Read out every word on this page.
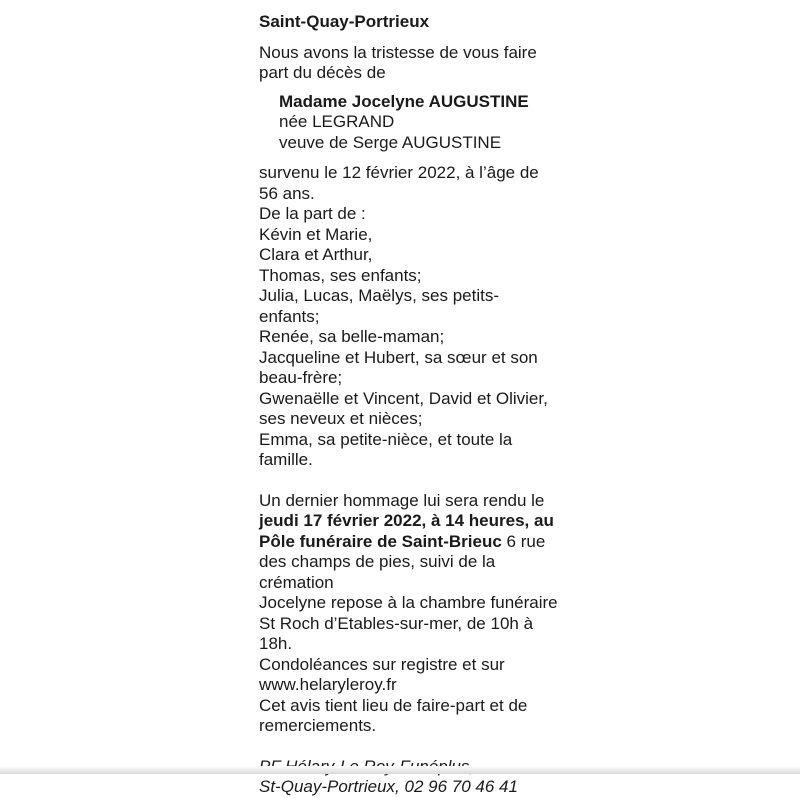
Saint-Quay-Portrieux
Nous avons la tristesse de vous faire
part du décès de
Madame Jocelyne AUGUSTINE
née LEGRAND
veuve de Serge AUGUSTINE
survenu le 12 février 2022, à l’âge de
56 ans.
De la part de :
Kévin et Marie,
Clara et Arthur,
Thomas, ses enfants;
Julia, Lucas, Maëlys, ses petits-enfants;
Renée, sa belle-maman;
Jacqueline et Hubert, sa sœur et son
beau-frère;
Gwenaëlle et Vincent, David et Olivier,
ses neveux et nièces;
Emma, sa petite-nièce, et toute la
famille.
Un dernier hommage lui sera rendu le
jeudi 17 février 2022, à 14 heures, au
Pôle funéraire de Saint-Brieuc 6 rue
des champs de pies, suivi de la
crémation
Jocelyne repose à la chambre funéraire
St Roch d’Etables-sur-mer, de 10h à
18h.
Condoléances sur registre et sur
www.helaryleroy.fr
Cet avis tient lieu de faire-part et de
remerciements.
St-Quay-Portrieux, 02 96 70 46 41
